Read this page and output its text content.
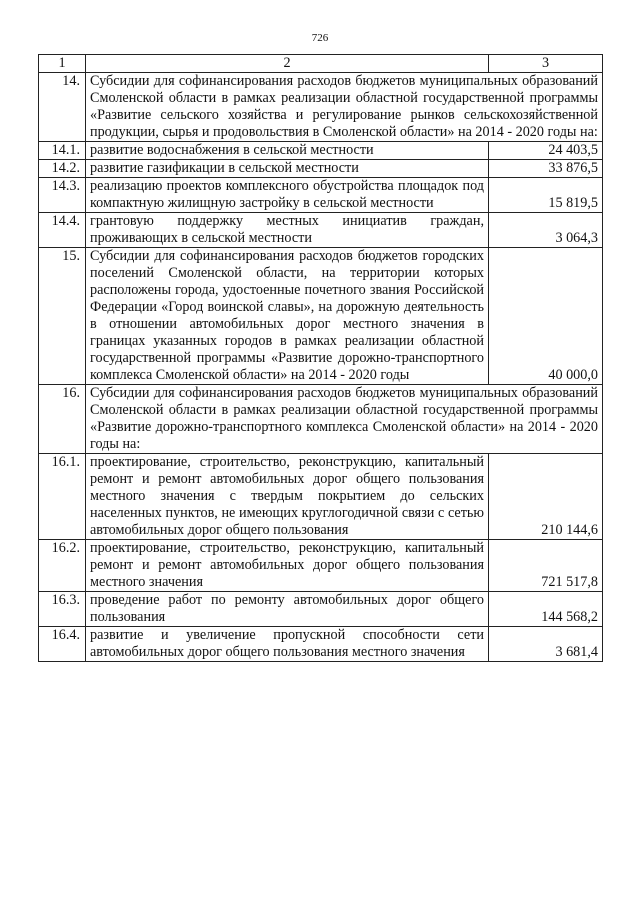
726
1	2	3
14.	Субсидии для софинансирования расходов бюджетов муниципальных образований Смоленской области в рамках реализации областной государственной программы «Развитие сельского хозяйства и регулирование рынков сельскохозяйственной продукции, сырья и продовольствия в Смоленской области» на 2014 - 2020 годы на:	
14.1.	развитие водоснабжения в сельской местности	24 403,5
14.2.	развитие газификации в сельской местности	33 876,5
14.3.	реализацию проектов комплексного обустройства площадок под компактную жилищную застройку в сельской местности	15 819,5
14.4.	грантовую поддержку местных инициатив граждан, проживающих в сельской местности	3 064,3
15.	Субсидии для софинансирования расходов бюджетов городских поселений Смоленской области, на территории которых расположены города, удостоенные почетного звания Российской Федерации «Город воинской славы», на дорожную деятельность в отношении автомобильных дорог местного значения в границах указанных городов в рамках реализации областной государственной программы «Развитие дорожно-транспортного комплекса Смоленской области» на 2014 - 2020 годы	40 000,0
16.	Субсидии для софинансирования расходов бюджетов муниципальных образований Смоленской области в рамках реализации областной государственной программы «Развитие дорожно-транспортного комплекса Смоленской области» на 2014 - 2020 годы на:	
16.1.	проектирование, строительство, реконструкцию, капитальный ремонт и ремонт автомобильных дорог общего пользования местного значения с твердым покрытием до сельских населенных пунктов, не имеющих круглогодичной связи с сетью автомобильных дорог общего пользования	210 144,6
16.2.	проектирование, строительство, реконструкцию, капитальный ремонт и ремонт автомобильных дорог общего пользования местного значения	721 517,8
16.3.	проведение работ по ремонту автомобильных дорог общего пользования	144 568,2
16.4.	развитие и увеличение пропускной способности сети автомобильных дорог общего пользования местного значения	3 681,4
